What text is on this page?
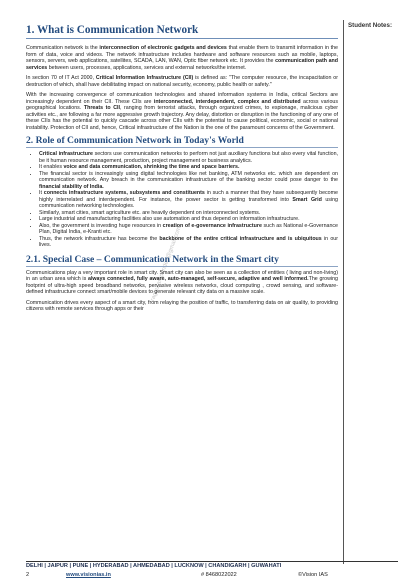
Student Notes:
raghurampandey@gmail.com
1. What is Communication Network

Communication network is the interconnection of electronic gadgets and devices that enable them to transmit information in the form of data, voice and videos. The network infrastructure includes hardware and software resources such as mobile, laptops, sensors, servers, web applications, satellites, SCADA, LAN, WAN, Optic fiber network etc. It provides the communication path and services between users, processes, applications, services and external networks/the internet.

In section 70 of IT Act 2000, Critical Information Infrastructure (CII) is defined as: "The computer resource, the incapacitation or destruction of which, shall have debilitating impact on national security, economy, public health or safety."

With the increasing convergence of communication technologies and shared information systems in India, critical Sectors are increasingly dependent on their CII. These CIIs are interconnected, interdependent, complex and distributed across various geographical locations. Threats to CII, ranging from terrorist attacks, through organized crimes, to espionage, malicious cyber activities etc., are following a far more aggressive growth trajectory. Any delay, distortion or disruption in the functioning of any one of these CIIs has the potential to quickly cascade across other CIIs with the potential to cause political, economic, social or national instability. Protection of CII and, hence, Critical infrastructure of the Nation is the one of the paramount concerns of the Government.

2. Role of Communication Network in Today's World
• Critical infrastructure sectors use communication networks to perform not just auxiliary functions but also every vital function, be it human resource management, production, project management or business analytics.
• It enables voice and data communication, shrinking the time and space barriers.
• The financial sector is increasingly using digital technologies like net banking, ATM networks etc. which are dependent on communication network. Any breach in the communication infrastructure of the banking sector could pose danger to the financial stability of India.
• It connects infrastructure systems, subsystems and constituents in such a manner that they have subsequently become highly interrelated and interdependent. For instance, the power sector is getting transformed into Smart Grid using communication networking technologies.
• Similarly, smart cities, smart agriculture etc. are heavily dependent on interconnected systems.
• Large industrial and manufacturing facilities also use automation and thus depend on information infrastructure.
• Also, the government is investing huge resources in creation of e-governance infrastructure such as National e-Governance Plan, Digital India, e-Kranti etc.
• Thus, the network infrastructure has become the backbone of the entire critical infrastructure and is ubiquitous in our lives.
2.1. Special Case – Communication Network in the Smart city

Communications play a very important role in smart city. Smart city can also be seen as a collection of entities ( living and non-living) in an urban area which is always connected, fully aware, auto-managed, self-secure, adaptive and well informed.The growing footprint of ultra-high speed broadband networks, pervasive wireless networks, cloud computing , crowd sensing, and software-defined infrastructure connect smart/mobile devices to generate relevant city data on a massive scale.

Communication drives every aspect of a smart city, from relaying the position of traffic, to transferring data on air quality, to providing citizens with remote services through apps or their

DELHI | JAIPUR | PUNE | HYDERABAD | AHMEDABAD | LUCKNOW | CHANDIGARH | GUWAHATI
2	www.visionias.in	# 8468022022	©Vision IAS
